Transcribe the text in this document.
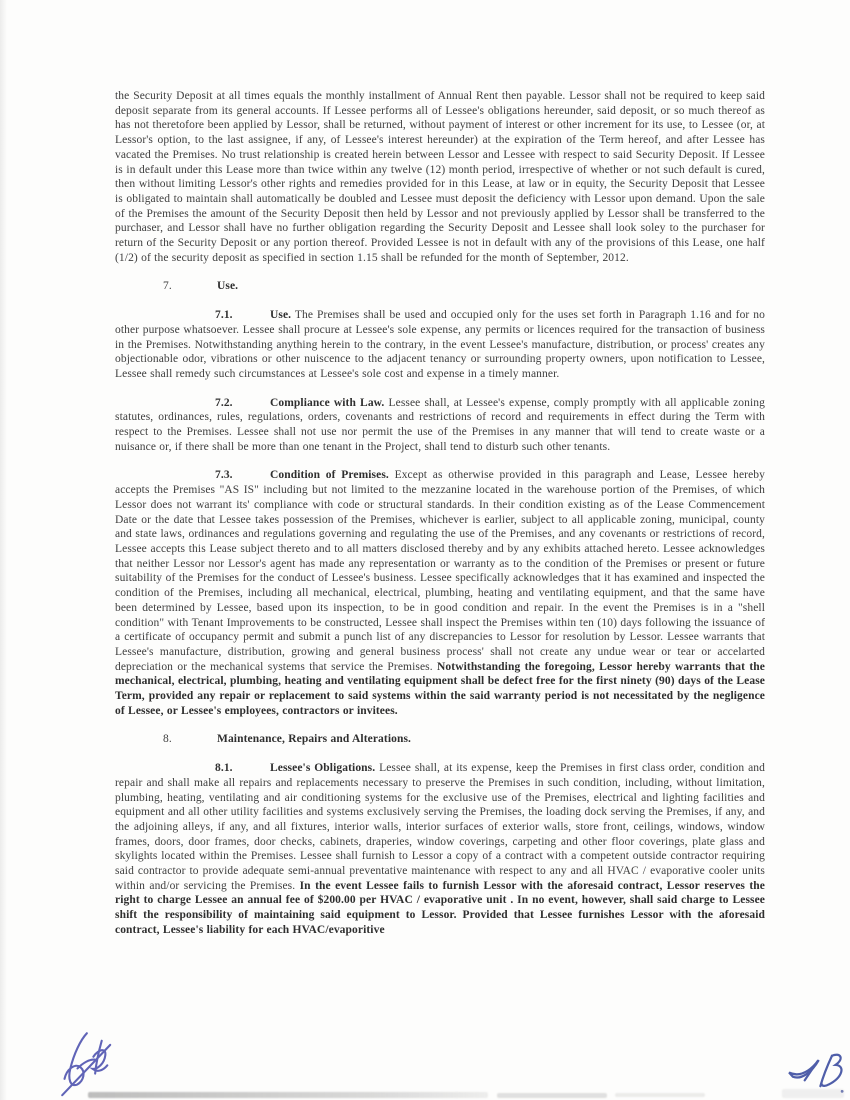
the Security Deposit at all times equals the monthly installment of Annual Rent then payable. Lessor shall not be required to keep said deposit separate from its general accounts. If Lessee performs all of Lessee's obligations hereunder, said deposit, or so much thereof as has not theretofore been applied by Lessor, shall be returned, without payment of interest or other increment for its use, to Lessee (or, at Lessor's option, to the last assignee, if any, of Lessee's interest hereunder) at the expiration of the Term hereof, and after Lessee has vacated the Premises. No trust relationship is created herein between Lessor and Lessee with respect to said Security Deposit. If Lessee is in default under this Lease more than twice within any twelve (12) month period, irrespective of whether or not such default is cured, then without limiting Lessor's other rights and remedies provided for in this Lease, at law or in equity, the Security Deposit that Lessee is obligated to maintain shall automatically be doubled and Lessee must deposit the deficiency with Lessor upon demand. Upon the sale of the Premises the amount of the Security Deposit then held by Lessor and not previously applied by Lessor shall be transferred to the purchaser, and Lessor shall have no further obligation regarding the Security Deposit and Lessee shall look soley to the purchaser for return of the Security Deposit or any portion thereof. Provided Lessee is not in default with any of the provisions of this Lease, one half (1/2) of the security deposit as specified in section 1.15 shall be refunded for the month of September, 2012.

7.	Use.

7.1.	Use. The Premises shall be used and occupied only for the uses set forth in Paragraph 1.16 and for no other purpose whatsoever. Lessee shall procure at Lessee's sole expense, any permits or licences required for the transaction of business in the Premises. Notwithstanding anything herein to the contrary, in the event Lessee's manufacture, distribution, or process' creates any objectionable odor, vibrations or other nuiscence to the adjacent tenancy or surrounding property owners, upon notification to Lessee, Lessee shall remedy such circumstances at Lessee's sole cost and expense in a timely manner.

7.2.	Compliance with Law. Lessee shall, at Lessee's expense, comply promptly with all applicable zoning statutes, ordinances, rules, regulations, orders, covenants and restrictions of record and requirements in effect during the Term with respect to the Premises. Lessee shall not use nor permit the use of the Premises in any manner that will tend to create waste or a nuisance or, if there shall be more than one tenant in the Project, shall tend to disturb such other tenants.

7.3.	Condition of Premises. Except as otherwise provided in this paragraph and Lease, Lessee hereby accepts the Premises "AS IS" including but not limited to the mezzanine located in the warehouse portion of the Premises, of which Lessor does not warrant its' compliance with code or structural standards. In their condition existing as of the Lease Commencement Date or the date that Lessee takes possession of the Premises, whichever is earlier, subject to all applicable zoning, municipal, county and state laws, ordinances and regulations governing and regulating the use of the Premises, and any covenants or restrictions of record, Lessee accepts this Lease subject thereto and to all matters disclosed thereby and by any exhibits attached hereto. Lessee acknowledges that neither Lessor nor Lessor's agent has made any representation or warranty as to the condition of the Premises or present or future suitability of the Premises for the conduct of Lessee's business. Lessee specifically acknowledges that it has examined and inspected the condition of the Premises, including all mechanical, electrical, plumbing, heating and ventilating equipment, and that the same have been determined by Lessee, based upon its inspection, to be in good condition and repair. In the event the Premises is in a "shell condition" with Tenant Improvements to be constructed, Lessee shall inspect the Premises within ten (10) days following the issuance of a certificate of occupancy permit and submit a punch list of any discrepancies to Lessor for resolution by Lessor. Lessee warrants that Lessee's manufacture, distribution, growing and general business process' shall not create any undue wear or tear or accelarted depreciation or the mechanical systems that service the Premises. Notwithstanding the foregoing, Lessor hereby warrants that the mechanical, electrical, plumbing, heating and ventilating equipment shall be defect free for the first ninety (90) days of the Lease Term, provided any repair or replacement to said systems within the said warranty period is not necessitated by the negligence of Lessee, or Lessee's employees, contractors or invitees.

8.	Maintenance, Repairs and Alterations.

8.1.	Lessee's Obligations. Lessee shall, at its expense, keep the Premises in first class order, condition and repair and shall make all repairs and replacements necessary to preserve the Premises in such condition, including, without limitation, plumbing, heating, ventilating and air conditioning systems for the exclusive use of the Premises, electrical and lighting facilities and equipment and all other utility facilities and systems exclusively serving the Premises, the loading dock serving the Premises, if any, and the adjoining alleys, if any, and all fixtures, interior walls, interior surfaces of exterior walls, store front, ceilings, windows, window frames, doors, door frames, door checks, cabinets, draperies, window coverings, carpeting and other floor coverings, plate glass and skylights located within the Premises. Lessee shall furnish to Lessor a copy of a contract with a competent outside contractor requiring said contractor to provide adequate semi-annual preventative maintenance with respect to any and all HVAC / evaporative cooler units within and/or servicing the Premises. In the event Lessee fails to furnish Lessor with the aforesaid contract, Lessor reserves the right to charge Lessee an annual fee of $200.00 per HVAC / evaporative unit . In no event, however, shall said charge to Lessee shift the responsibility of maintaining said equipment to Lessor. Provided that Lessee furnishes Lessor with the aforesaid contract, Lessee's liability for each HVAC/evaporitive
